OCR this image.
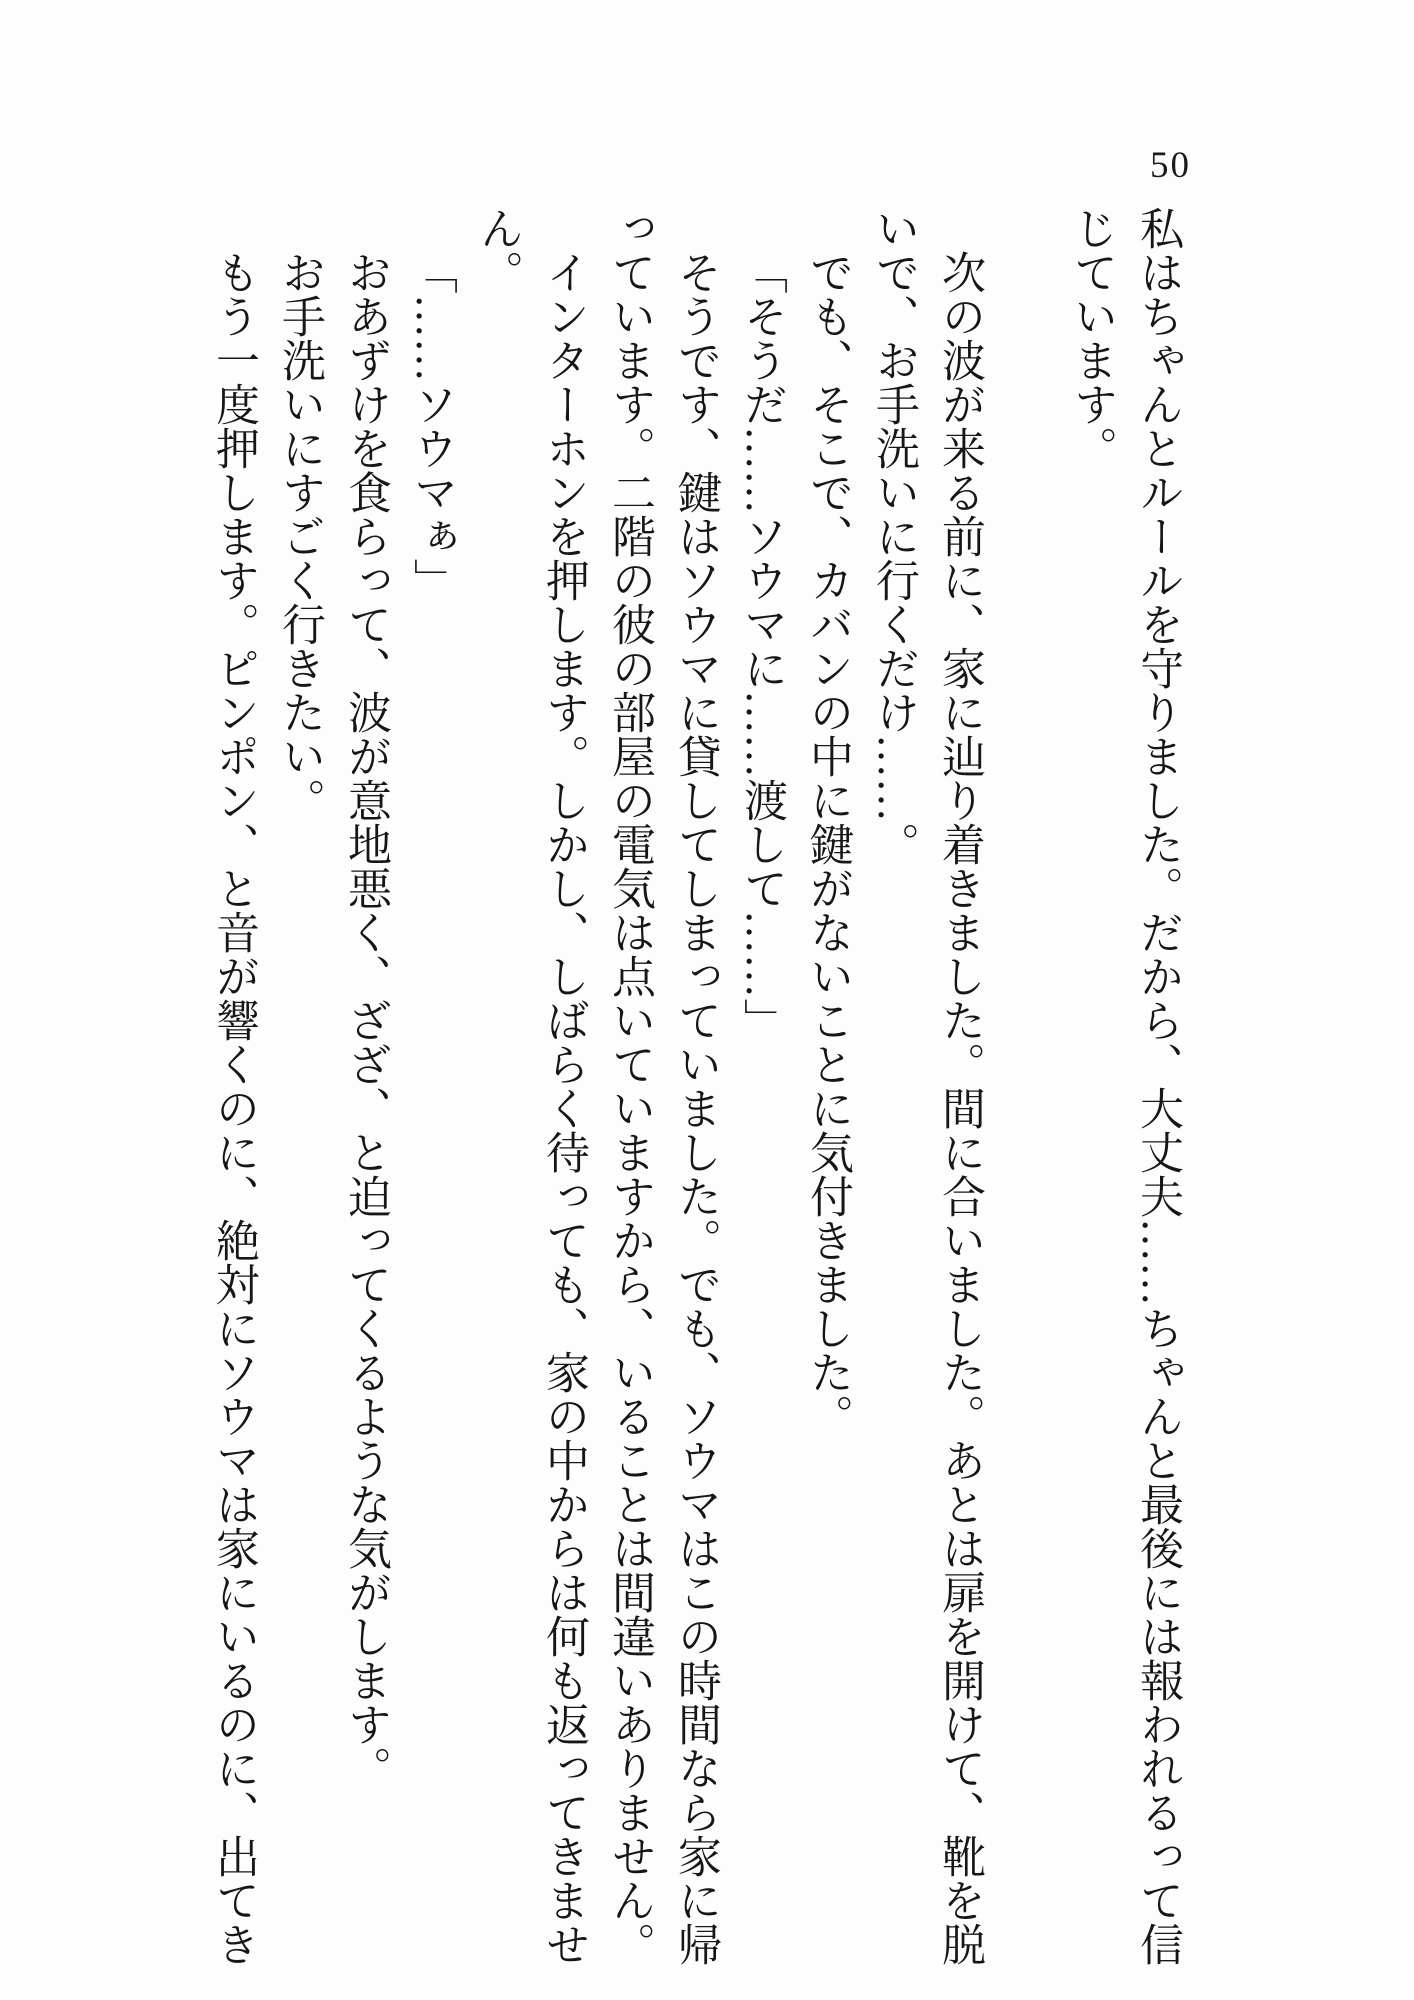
50

私はちゃんとルールを守りました。だから、大丈夫……ちゃんと最後には報われるって信じています。

次の波が来る前に、家に辿り着きました。間に合いました。あとは扉を開けて、靴を脱いで、お手洗いに行くだけ……。

でも、そこで、カバンの中に鍵がないことに気付きました。

「そうだ……ソウマに……渡して……」

そうです、鍵はソウマに貸してしまっていました。でも、ソウマはこの時間なら家に帰っています。二階の彼の部屋の電気は点いていますから、いることは間違いありません。

インターホンを押します。しかし、しばらく待っても、家の中からは何も返ってきません。

「……ソウマぁ」

おあずけを食らって、波が意地悪く、ざざ、と迫ってくるような気がします。

お手洗いにすごく行きたい。

もう一度押します。ピンポン、と音が響くのに、絶対にソウマは家にいるのに、出てき
